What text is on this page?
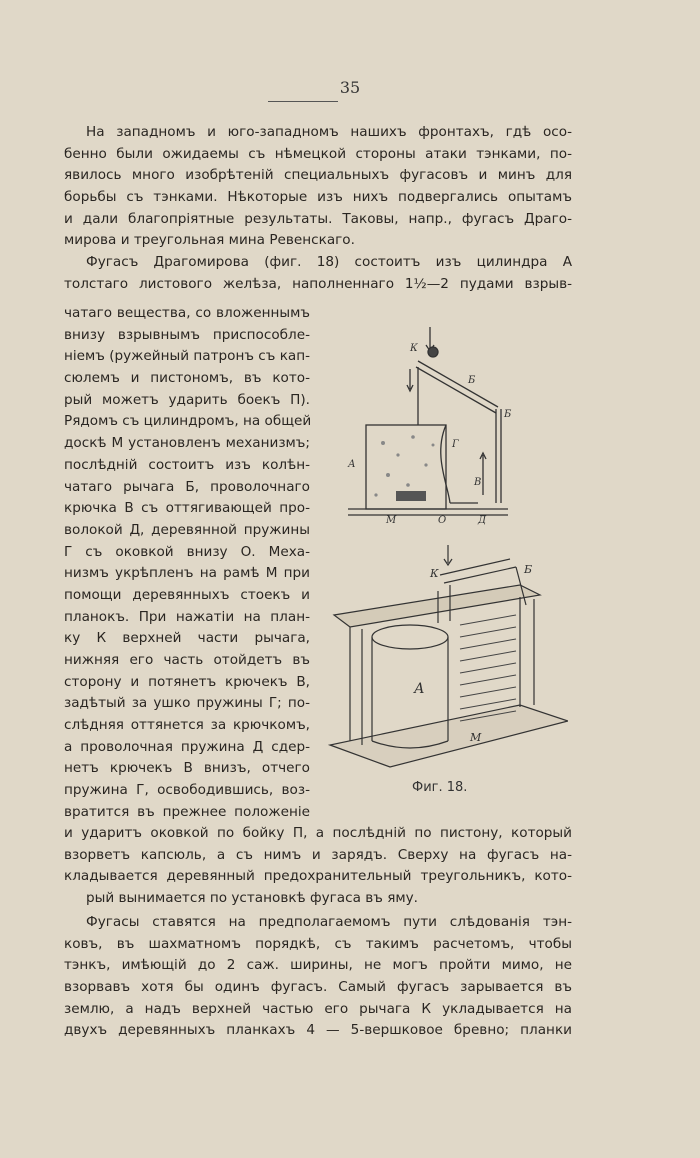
35
На западномъ и юго-западномъ нашихъ фронтахъ, гдѣ осо-
бенно были ожидаемы съ нѣмецкой стороны атаки тэнками, по-
явилось много изобрѣтеній специальныхъ фугасовъ и минъ для
борьбы съ тэнками. Нѣкоторые изъ нихъ подвергались опытамъ
и дали благопріятные результаты. Таковы, напр., фугасъ Драго-
мирова и треугольная мина Ревенскаго.
Фугасъ Драгомирова (фиг. 18) состоитъ изъ цилиндра А
толстаго листового желѣза, наполненнаго 1½—2 пудами взрыв-
чатаго вещества, со вложеннымъ
внизу взрывнымъ приспособле-
ніемъ (ружейный патронъ съ кап-
сюлемъ и пистономъ, въ кото-
рый можетъ ударить боекъ П).
Рядомъ съ цилиндромъ, на общей
доскѣ М установленъ механизмъ;
послѣдній состоитъ изъ колѣн-
чатаго рычага Б, проволочнаго
крючка В съ оттягивающей про-
волокой Д, деревянной пружины
Г съ оковкой внизу О. Меха-
низмъ укрѣпленъ на рамѣ М при
помощи деревянныхъ стоекъ и
планокъ. При нажатіи на план-
ку К верхней части рычага,
нижняя его часть отойдетъ въ
сторону и потянетъ крючекъ В,
задѣтый за ушко пружины Г; по-
слѣдняя оттянется за крючкомъ,
а проволочная пружина Д сдер-
нетъ крючекъ В внизъ, отчего
пружина Г, освободившись, воз-
вратится въ прежнее положеніе
и ударитъ оковкой по бойку П, а послѣдній по пистону, который
взорветъ капсюль, а съ нимъ и зарядъ. Сверху на фугасъ на-
кладывается деревянный предохранительный треугольникъ, кото-
рый вынимается по установкѣ фугаса въ яму.
Фугасы ставятся на предполагаемомъ пути слѣдованія тэн-
ковъ, въ шахматномъ порядкѣ, съ такимъ расчетомъ, чтобы
тэнкъ, имѣющій до 2 саж. ширины, не могъ пройти мимо, не
взорвавъ хотя бы одинъ фугасъ. Самый фугасъ зарывается въ
землю, а надъ верхней частью его рычага К укладывается на
двухъ деревянныхъ планкахъ 4 — 5-вершковое бревно; планки
К
Б
Б
А
Г
В
М	О	Д
К	Б
А
М
Фиг. 18.
